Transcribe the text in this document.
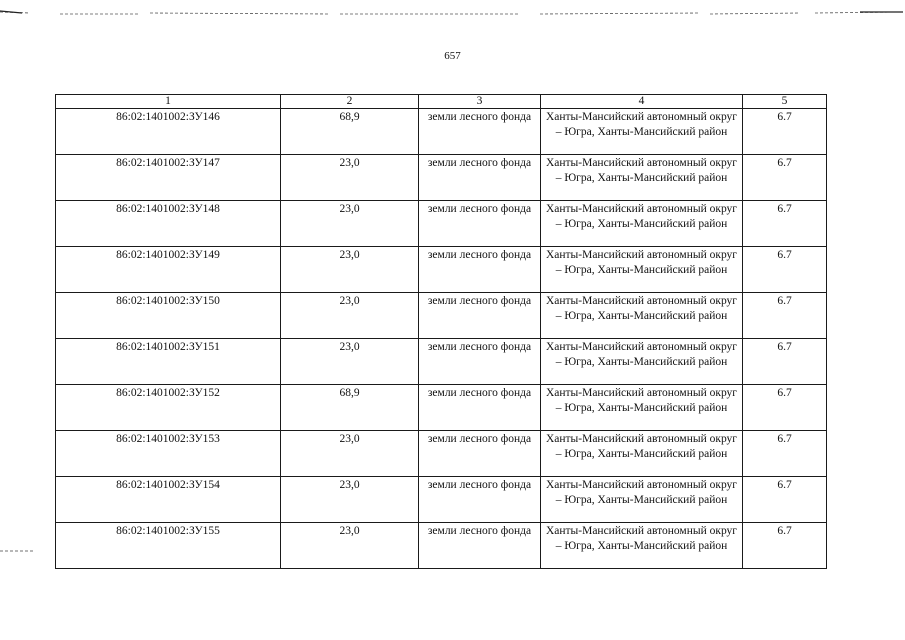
657
1	2	3	4	5
86:02:1401002:ЗУ146	68,9	земли лесного фонда	Ханты-Мансийский автономный округ – Югра, Ханты-Мансийский район	6.7
86:02:1401002:ЗУ147	23,0	земли лесного фонда	Ханты-Мансийский автономный округ – Югра, Ханты-Мансийский район	6.7
86:02:1401002:ЗУ148	23,0	земли лесного фонда	Ханты-Мансийский автономный округ – Югра, Ханты-Мансийский район	6.7
86:02:1401002:ЗУ149	23,0	земли лесного фонда	Ханты-Мансийский автономный округ – Югра, Ханты-Мансийский район	6.7
86:02:1401002:ЗУ150	23,0	земли лесного фонда	Ханты-Мансийский автономный округ – Югра, Ханты-Мансийский район	6.7
86:02:1401002:ЗУ151	23,0	земли лесного фонда	Ханты-Мансийский автономный округ – Югра, Ханты-Мансийский район	6.7
86:02:1401002:ЗУ152	68,9	земли лесного фонда	Ханты-Мансийский автономный округ – Югра, Ханты-Мансийский район	6.7
86:02:1401002:ЗУ153	23,0	земли лесного фонда	Ханты-Мансийский автономный округ – Югра, Ханты-Мансийский район	6.7
86:02:1401002:ЗУ154	23,0	земли лесного фонда	Ханты-Мансийский автономный округ – Югра, Ханты-Мансийский район	6.7
86:02:1401002:ЗУ155	23,0	земли лесного фонда	Ханты-Мансийский автономный округ – Югра, Ханты-Мансийский район	6.7
